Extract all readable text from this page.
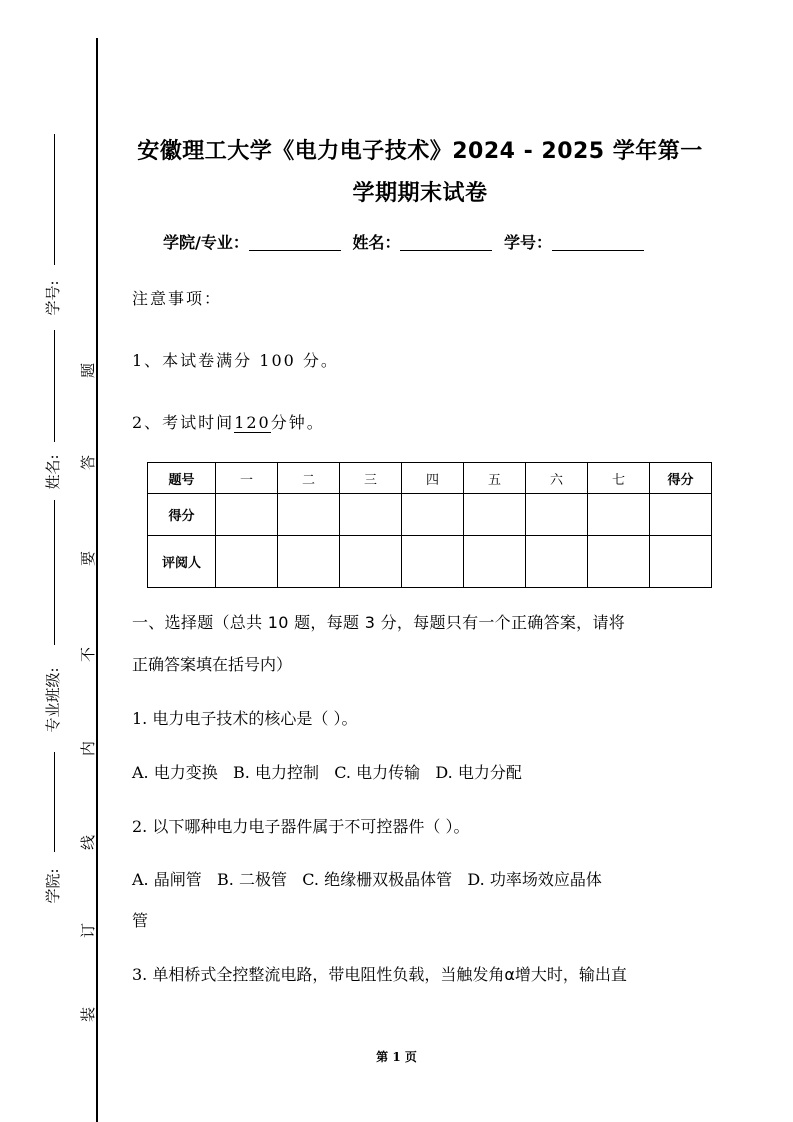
学号:
姓名:
专业班级:
学院:
题
答
要
不
内
线
订
装
安徽理工大学《电力电子技术》2024 - 2025 学年第一
学期期末试卷
学院/专业：	姓名：	学号：
注意事项：
1、本试卷满分 100 分。
2、考试时间120分钟。
题号	一	二	三	四	五	六	七	得分
得分								
评阅人								
一、选择题（总共 10 题，每题 3 分，每题只有一个正确答案，请将
正确答案填在括号内）
1. 电力电子技术的核心是（ ）。
A. 电力变换 B. 电力控制 C. 电力传输 D. 电力分配
2. 以下哪种电力电子器件属于不可控器件（ ）。
A. 晶闸管 B. 二极管 C. 绝缘栅双极晶体管 D. 功率场效应晶体
管
3. 单相桥式全控整流电路，带电阻性负载，当触发角α增大时，输出直
第 1 页
